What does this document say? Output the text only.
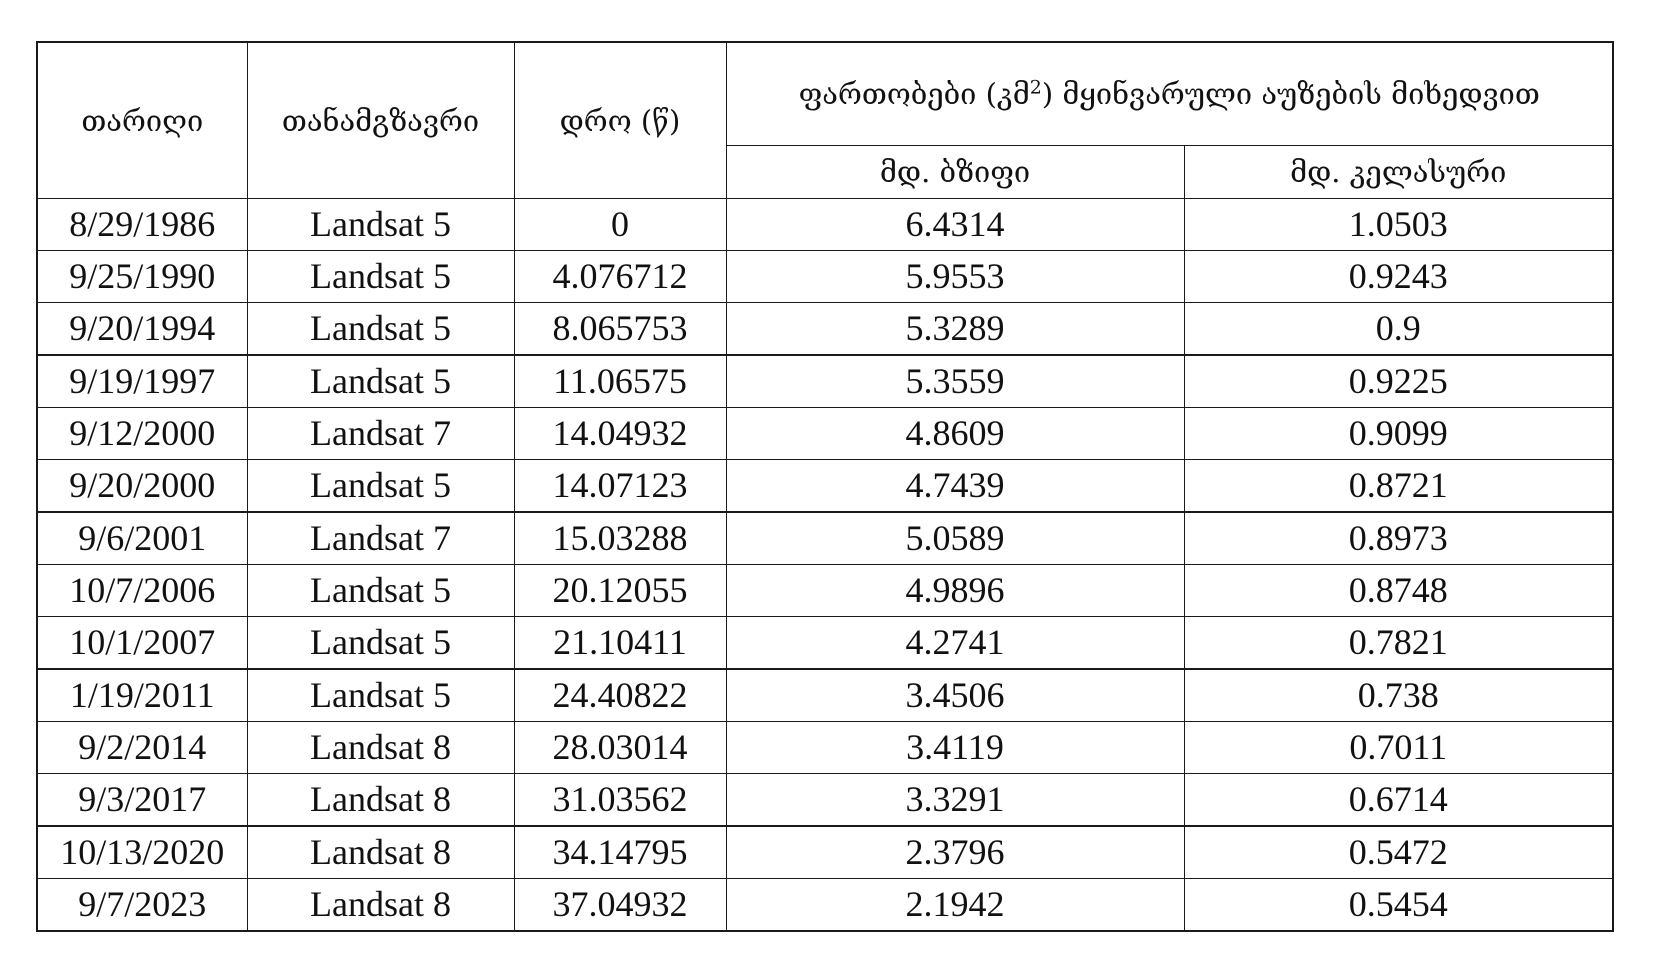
თარიღი	თანამგზავრი	დრო (წ)	ფართობები (კმ$^2$) მყინვარული აუზების მიხედვით	
			მდ. ბზიფი	მდ. კელასური
8/29/1986	Landsat 5	0	6.4314	1.0503
9/25/1990	Landsat 5	4.076712	5.9553	0.9243
9/20/1994	Landsat 5	8.065753	5.3289	0.9
9/19/1997	Landsat 5	11.06575	5.3559	0.9225
9/12/2000	Landsat 7	14.04932	4.8609	0.9099
9/20/2000	Landsat 5	14.07123	4.7439	0.8721
9/6/2001	Landsat 7	15.03288	5.0589	0.8973
10/7/2006	Landsat 5	20.12055	4.9896	0.8748
10/1/2007	Landsat 5	21.10411	4.2741	0.7821
1/19/2011	Landsat 5	24.40822	3.4506	0.738
9/2/2014	Landsat 8	28.03014	3.4119	0.7011
9/3/2017	Landsat 8	31.03562	3.3291	0.6714
10/13/2020	Landsat 8	34.14795	2.3796	0.5472
9/7/2023	Landsat 8	37.04932	2.1942	0.5454
